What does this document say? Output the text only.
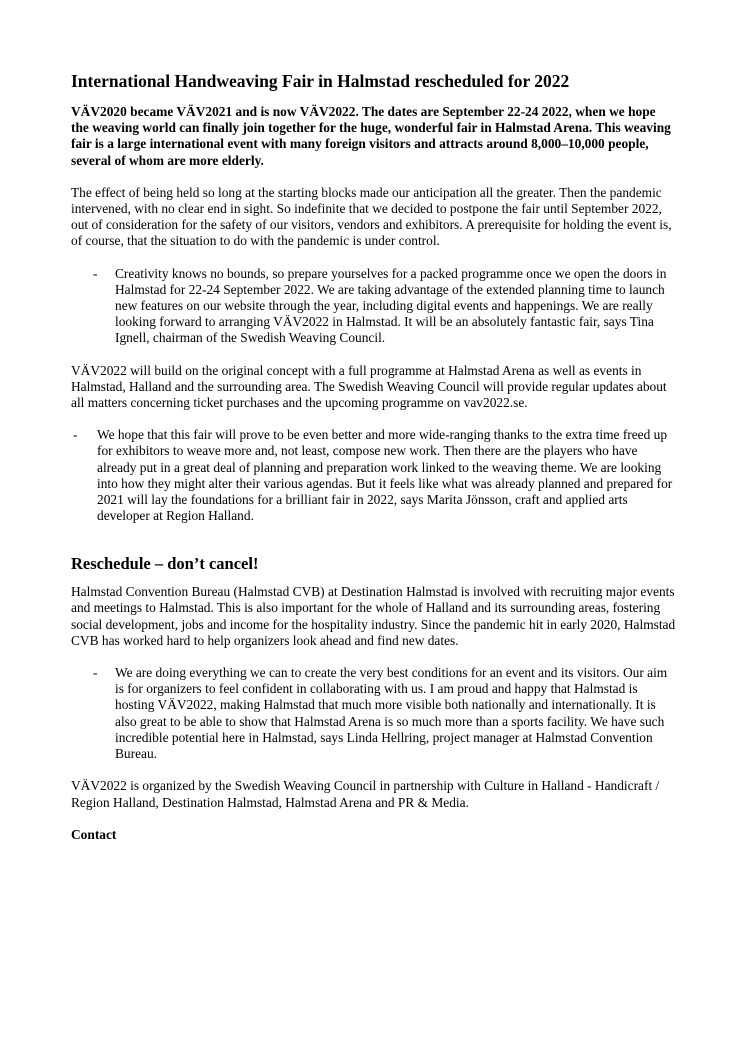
International Handweaving Fair in Halmstad rescheduled for 2022

VÄV2020 became VÄV2021 and is now VÄV2022. The dates are September 22-24 2022, when we hope the weaving world can finally join together for the huge, wonderful fair in Halmstad Arena. This weaving fair is a large international event with many foreign visitors and attracts around 8,000–10,000 people, several of whom are more elderly.

The effect of being held so long at the starting blocks made our anticipation all the greater. Then the pandemic intervened, with no clear end in sight. So indefinite that we decided to postpone the fair until September 2022, out of consideration for the safety of our visitors, vendors and exhibitors. A prerequisite for holding the event is, of course, that the situation to do with the pandemic is under control.

- Creativity knows no bounds, so prepare yourselves for a packed programme once we open the doors in Halmstad for 22-24 September 2022. We are taking advantage of the extended planning time to launch new features on our website through the year, including digital events and happenings. We are really looking forward to arranging VÄV2022 in Halmstad. It will be an absolutely fantastic fair, says Tina Ignell, chairman of the Swedish Weaving Council.

VÄV2022 will build on the original concept with a full programme at Halmstad Arena as well as events in Halmstad, Halland and the surrounding area. The Swedish Weaving Council will provide regular updates about all matters concerning ticket purchases and the upcoming programme on vav2022.se.

- We hope that this fair will prove to be even better and more wide-ranging thanks to the extra time freed up for exhibitors to weave more and, not least, compose new work. Then there are the players who have already put in a great deal of planning and preparation work linked to the weaving theme. We are looking into how they might alter their various agendas. But it feels like what was already planned and prepared for 2021 will lay the foundations for a brilliant fair in 2022, says Marita Jönsson, craft and applied arts developer at Region Halland.

Reschedule – don’t cancel!

Halmstad Convention Bureau (Halmstad CVB) at Destination Halmstad is involved with recruiting major events and meetings to Halmstad. This is also important for the whole of Halland and its surrounding areas, fostering social development, jobs and income for the hospitality industry. Since the pandemic hit in early 2020, Halmstad CVB has worked hard to help organizers look ahead and find new dates.

- We are doing everything we can to create the very best conditions for an event and its visitors. Our aim is for organizers to feel confident in collaborating with us. I am proud and happy that Halmstad is hosting VÄV2022, making Halmstad that much more visible both nationally and internationally. It is also great to be able to show that Halmstad Arena is so much more than a sports facility. We have such incredible potential here in Halmstad, says Linda Hellring, project manager at Halmstad Convention Bureau.

VÄV2022 is organized by the Swedish Weaving Council in partnership with Culture in Halland - Handicraft / Region Halland, Destination Halmstad, Halmstad Arena and PR & Media.

Contact
